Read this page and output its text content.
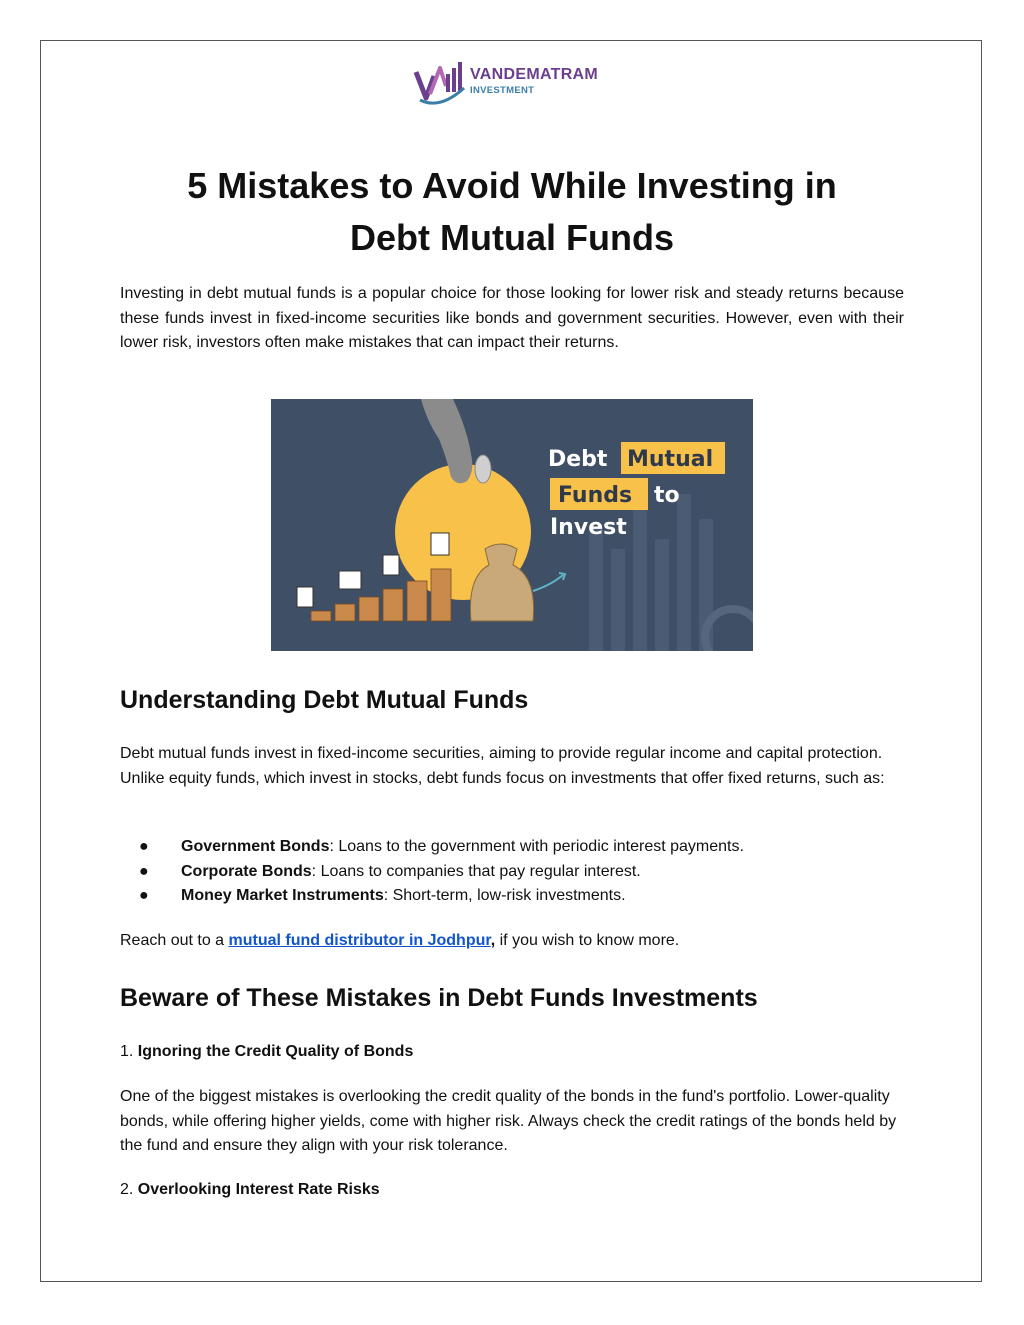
VANDEMATRAM
INVESTMENT
5 Mistakes to Avoid While Investing in
Debt Mutual Funds

Investing in debt mutual funds is a popular choice for those looking for lower risk and steady returns because these funds invest in fixed-income securities like bonds and government securities. However, even with their lower risk, investors often make mistakes that can impact their returns.

Debt Mutual
Funds to
Invest
Understanding Debt Mutual Funds

Debt mutual funds invest in fixed-income securities, aiming to provide regular income and capital protection. Unlike equity funds, which invest in stocks, debt funds focus on investments that offer fixed returns, such as:

● Government Bonds: Loans to the government with periodic interest payments.
● Corporate Bonds: Loans to companies that pay regular interest.
● Money Market Instruments: Short-term, low-risk investments.

Reach out to a mutual fund distributor in Jodhpur, if you wish to know more.

Beware of These Mistakes in Debt Funds Investments

1. Ignoring the Credit Quality of Bonds

One of the biggest mistakes is overlooking the credit quality of the bonds in the fund's portfolio. Lower-quality bonds, while offering higher yields, come with higher risk. Always check the credit ratings of the bonds held by the fund and ensure they align with your risk tolerance.

2. Overlooking Interest Rate Risks
